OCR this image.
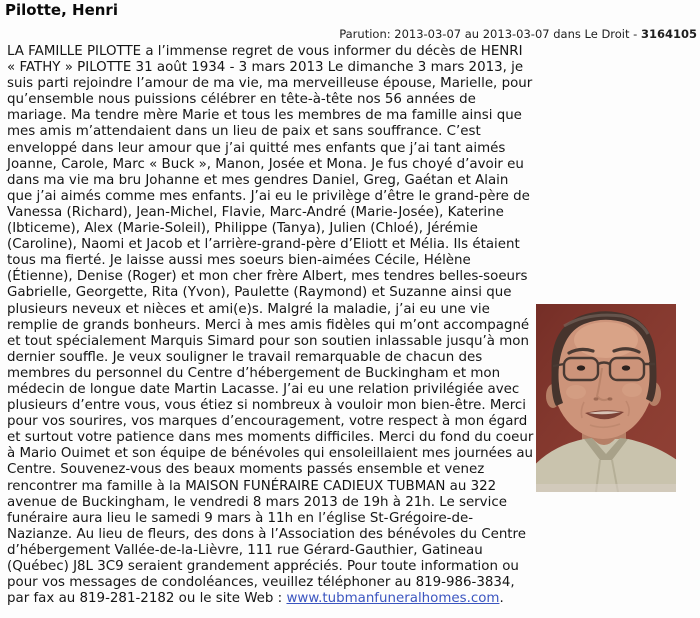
Pilotte, Henri
Parution: 2013-03-07 au 2013-03-07 dans Le Droit - 3164105

LA FAMILLE PILOTTE a l’immense regret de vous informer du décès de HENRI « FATHY » PILOTTE 31 août 1934 - 3 mars 2013 Le dimanche 3 mars 2013, je suis parti rejoindre l’amour de ma vie, ma merveilleuse épouse, Marielle, pour qu’ensemble nous puissions célébrer en tête-à-tête nos 56 années de mariage. Ma tendre mère Marie et tous les membres de ma famille ainsi que mes amis m’attendaient dans un lieu de paix et sans souffrance. C’est enveloppé dans leur amour que j’ai quitté mes enfants que j’ai tant aimés Joanne, Carole, Marc « Buck », Manon, Josée et Mona. Je fus choyé d’avoir eu dans ma vie ma bru Johanne et mes gendres Daniel, Greg, Gaétan et Alain que j’ai aimés comme mes enfants. J’ai eu le privilège d’être le grand-père de Vanessa (Richard), Jean-Michel, Flavie, Marc-André (Marie-Josée), Katerine (Ibticeme), Alex (Marie-Soleil), Philippe (Tanya), Julien (Chloé), Jérémie (Caroline), Naomi et Jacob et l’arrière-grand-père d’Eliott et Mélia. Ils étaient tous ma fierté. Je laisse aussi mes soeurs bien-aimées Cécile, Hélène (Étienne), Denise (Roger) et mon cher frère Albert, mes tendres belles-soeurs Gabrielle, Georgette, Rita (Yvon), Paulette (Raymond) et Suzanne ainsi que plusieurs neveux et nièces et ami(e)s. Malgré la maladie, j’ai eu une vie remplie de grands bonheurs. Merci à mes amis fidèles qui m’ont accompagné et tout spécialement Marquis Simard pour son soutien inlassable jusqu’à mon dernier souffle. Je veux souligner le travail remarquable de chacun des membres du personnel du Centre d’hébergement de Buckingham et mon médecin de longue date Martin Lacasse. J’ai eu une relation privilégiée avec plusieurs d’entre vous, vous étiez si nombreux à vouloir mon bien-être. Merci pour vos sourires, vos marques d’encouragement, votre respect à mon égard et surtout votre patience dans mes moments difficiles. Merci du fond du coeur à Mario Ouimet et son équipe de bénévoles qui ensoleillaient mes journées au Centre. Souvenez-vous des beaux moments passés ensemble et venez rencontrer ma famille à la MAISON FUNÉRAIRE CADIEUX TUBMAN au 322 avenue de Buckingham, le vendredi 8 mars 2013 de 19h à 21h. Le service funéraire aura lieu le samedi 9 mars à 11h en l’église St-Grégoire-de-Nazianze. Au lieu de fleurs, des dons à l’Association des bénévoles du Centre d’hébergement Vallée-de-la-Lièvre, 111 rue Gérard-Gauthier, Gatineau (Québec) J8L 3C9 seraient grandement appréciés. Pour toute information ou pour vos messages de condoléances, veuillez téléphoner au 819-986-3834, par fax au 819-281-2182 ou le site Web : www.tubmanfuneralhomes.com.
